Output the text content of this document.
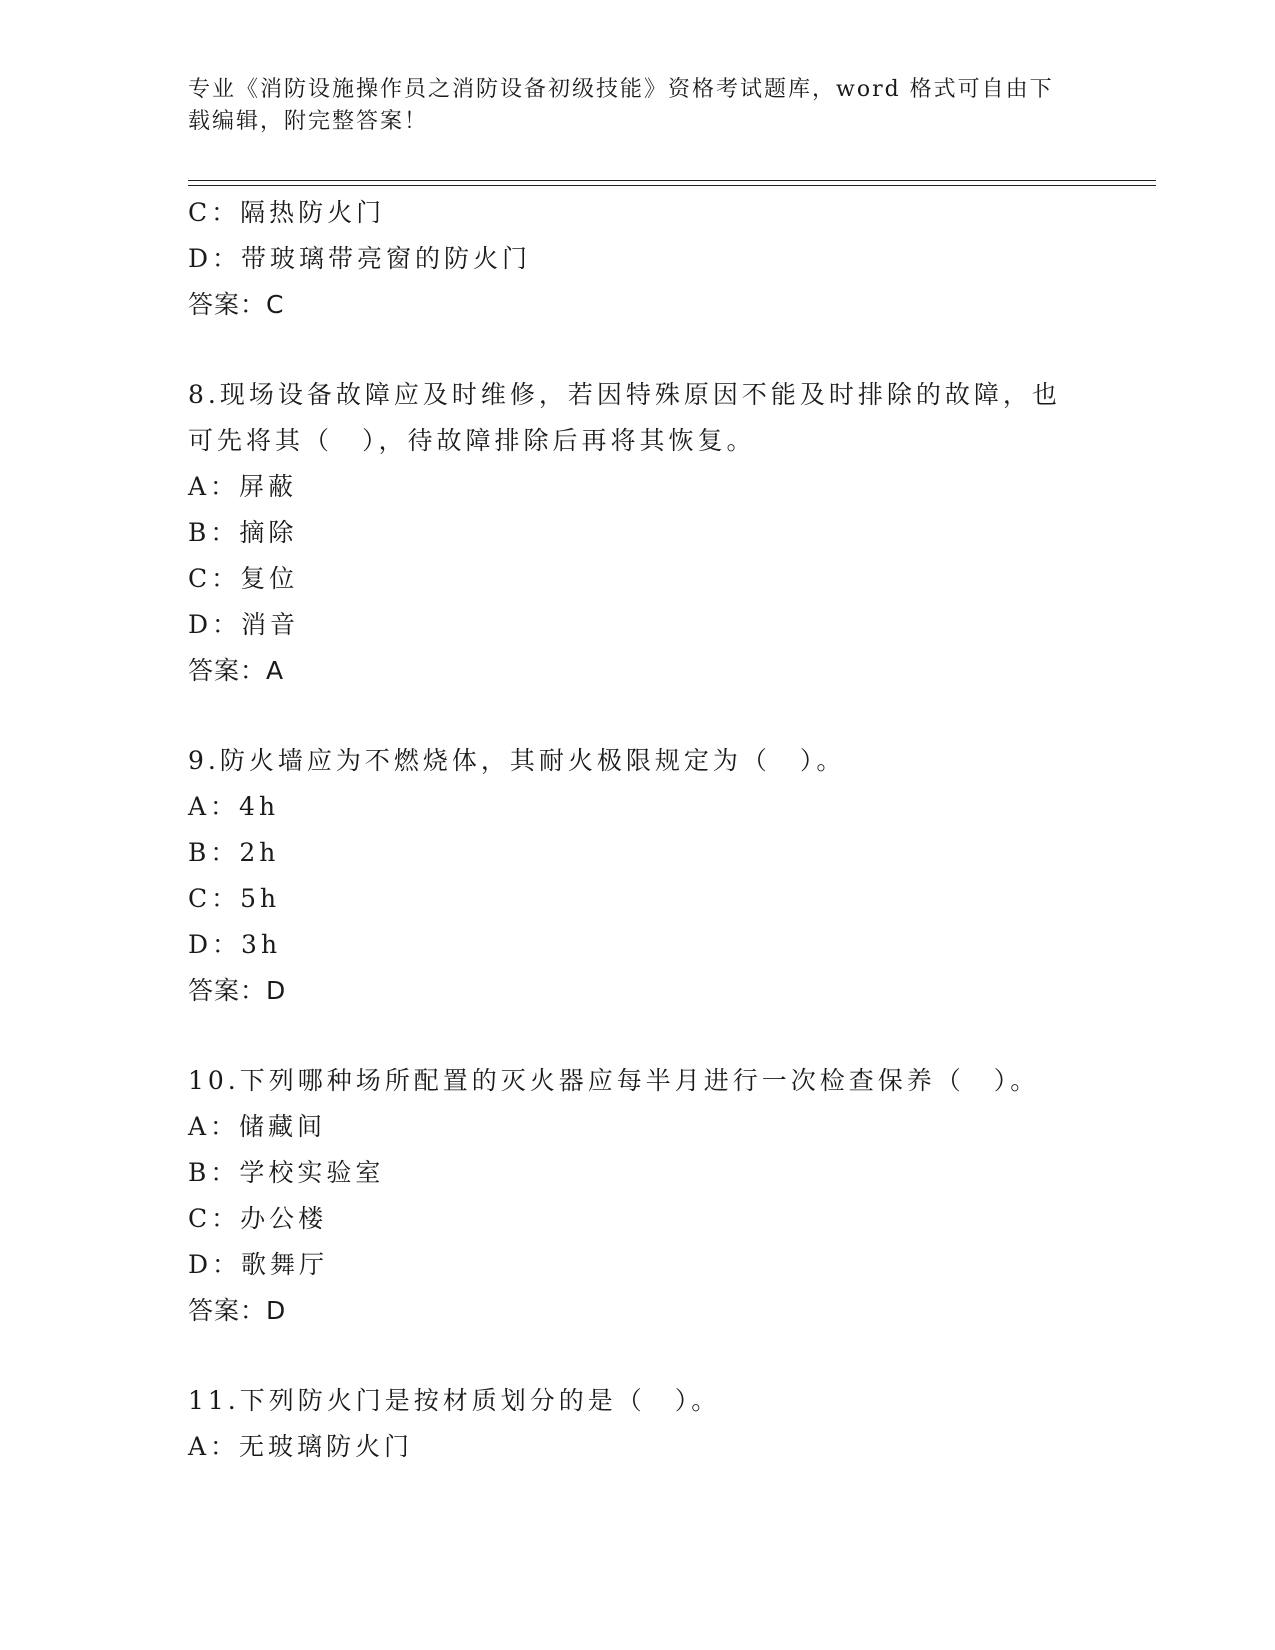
专业《消防设施操作员之消防设备初级技能》资格考试题库，word 格式可自由下
载编辑，附完整答案！
C：隔热防火门
D：带玻璃带亮窗的防火门
答案：C
8.现场设备故障应及时维修，若因特殊原因不能及时排除的故障，也
可先将其（　），待故障排除后再将其恢复。
A：屏蔽
B：摘除
C：复位
D：消音
答案：A
9.防火墙应为不燃烧体，其耐火极限规定为（　）。
A：4h
B：2h
C：5h
D：3h
答案：D
10.下列哪种场所配置的灭火器应每半月进行一次检查保养（　）。
A：储藏间
B：学校实验室
C：办公楼
D：歌舞厅
答案：D
11.下列防火门是按材质划分的是（　）。
A：无玻璃防火门
